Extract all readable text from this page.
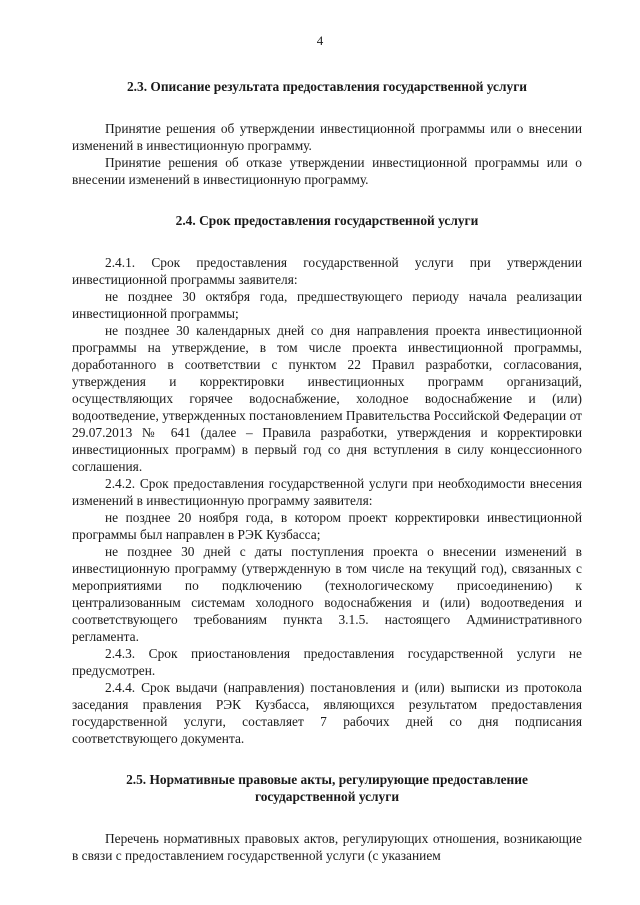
4
2.3. Описание результата предоставления государственной услуги

Принятие решения об утверждении инвестиционной программы или о внесении изменений в инвестиционную программу.

Принятие решения об отказе утверждении инвестиционной программы или о внесении изменений в инвестиционную программу.

2.4. Срок предоставления государственной услуги

2.4.1. Срок предоставления государственной услуги при утверждении инвестиционной программы заявителя:

не позднее 30 октября года, предшествующего периоду начала реализации инвестиционной программы;

не позднее 30 календарных дней со дня направления проекта инвестиционной программы на утверждение, в том числе проекта инвестиционной программы, доработанного в соответствии с пунктом 22 Правил разработки, согласования, утверждения и корректировки инвестиционных программ организаций, осуществляющих горячее водоснабжение, холодное водоснабжение и (или) водоотведение, утвержденных постановлением Правительства Российской Федерации от 29.07.2013 № 641 (далее – Правила разработки, утверждения и корректировки инвестиционных программ) в первый год со дня вступления в силу концессионного соглашения.

2.4.2. Срок предоставления государственной услуги при необходимости внесения изменений в инвестиционную программу заявителя:

не позднее 20 ноября года, в котором проект корректировки инвестиционной программы был направлен в РЭК Кузбасса;

не позднее 30 дней с даты поступления проекта о внесении изменений в инвестиционную программу (утвержденную в том числе на текущий год), связанных с мероприятиями по подключению (технологическому присоединению) к централизованным системам холодного водоснабжения и (или) водоотведения и соответствующего требованиям пункта 3.1.5. настоящего Административного регламента.

2.4.3. Срок приостановления предоставления государственной услуги не предусмотрен.

2.4.4. Срок выдачи (направления) постановления и (или) выписки из протокола заседания правления РЭК Кузбасса, являющихся результатом предоставления государственной услуги, составляет 7 рабочих дней со дня подписания соответствующего документа.

2.5. Нормативные правовые акты, регулирующие предоставление
государственной услуги

Перечень нормативных правовых актов, регулирующих отношения, возникающие в связи с предоставлением государственной услуги (с указанием
